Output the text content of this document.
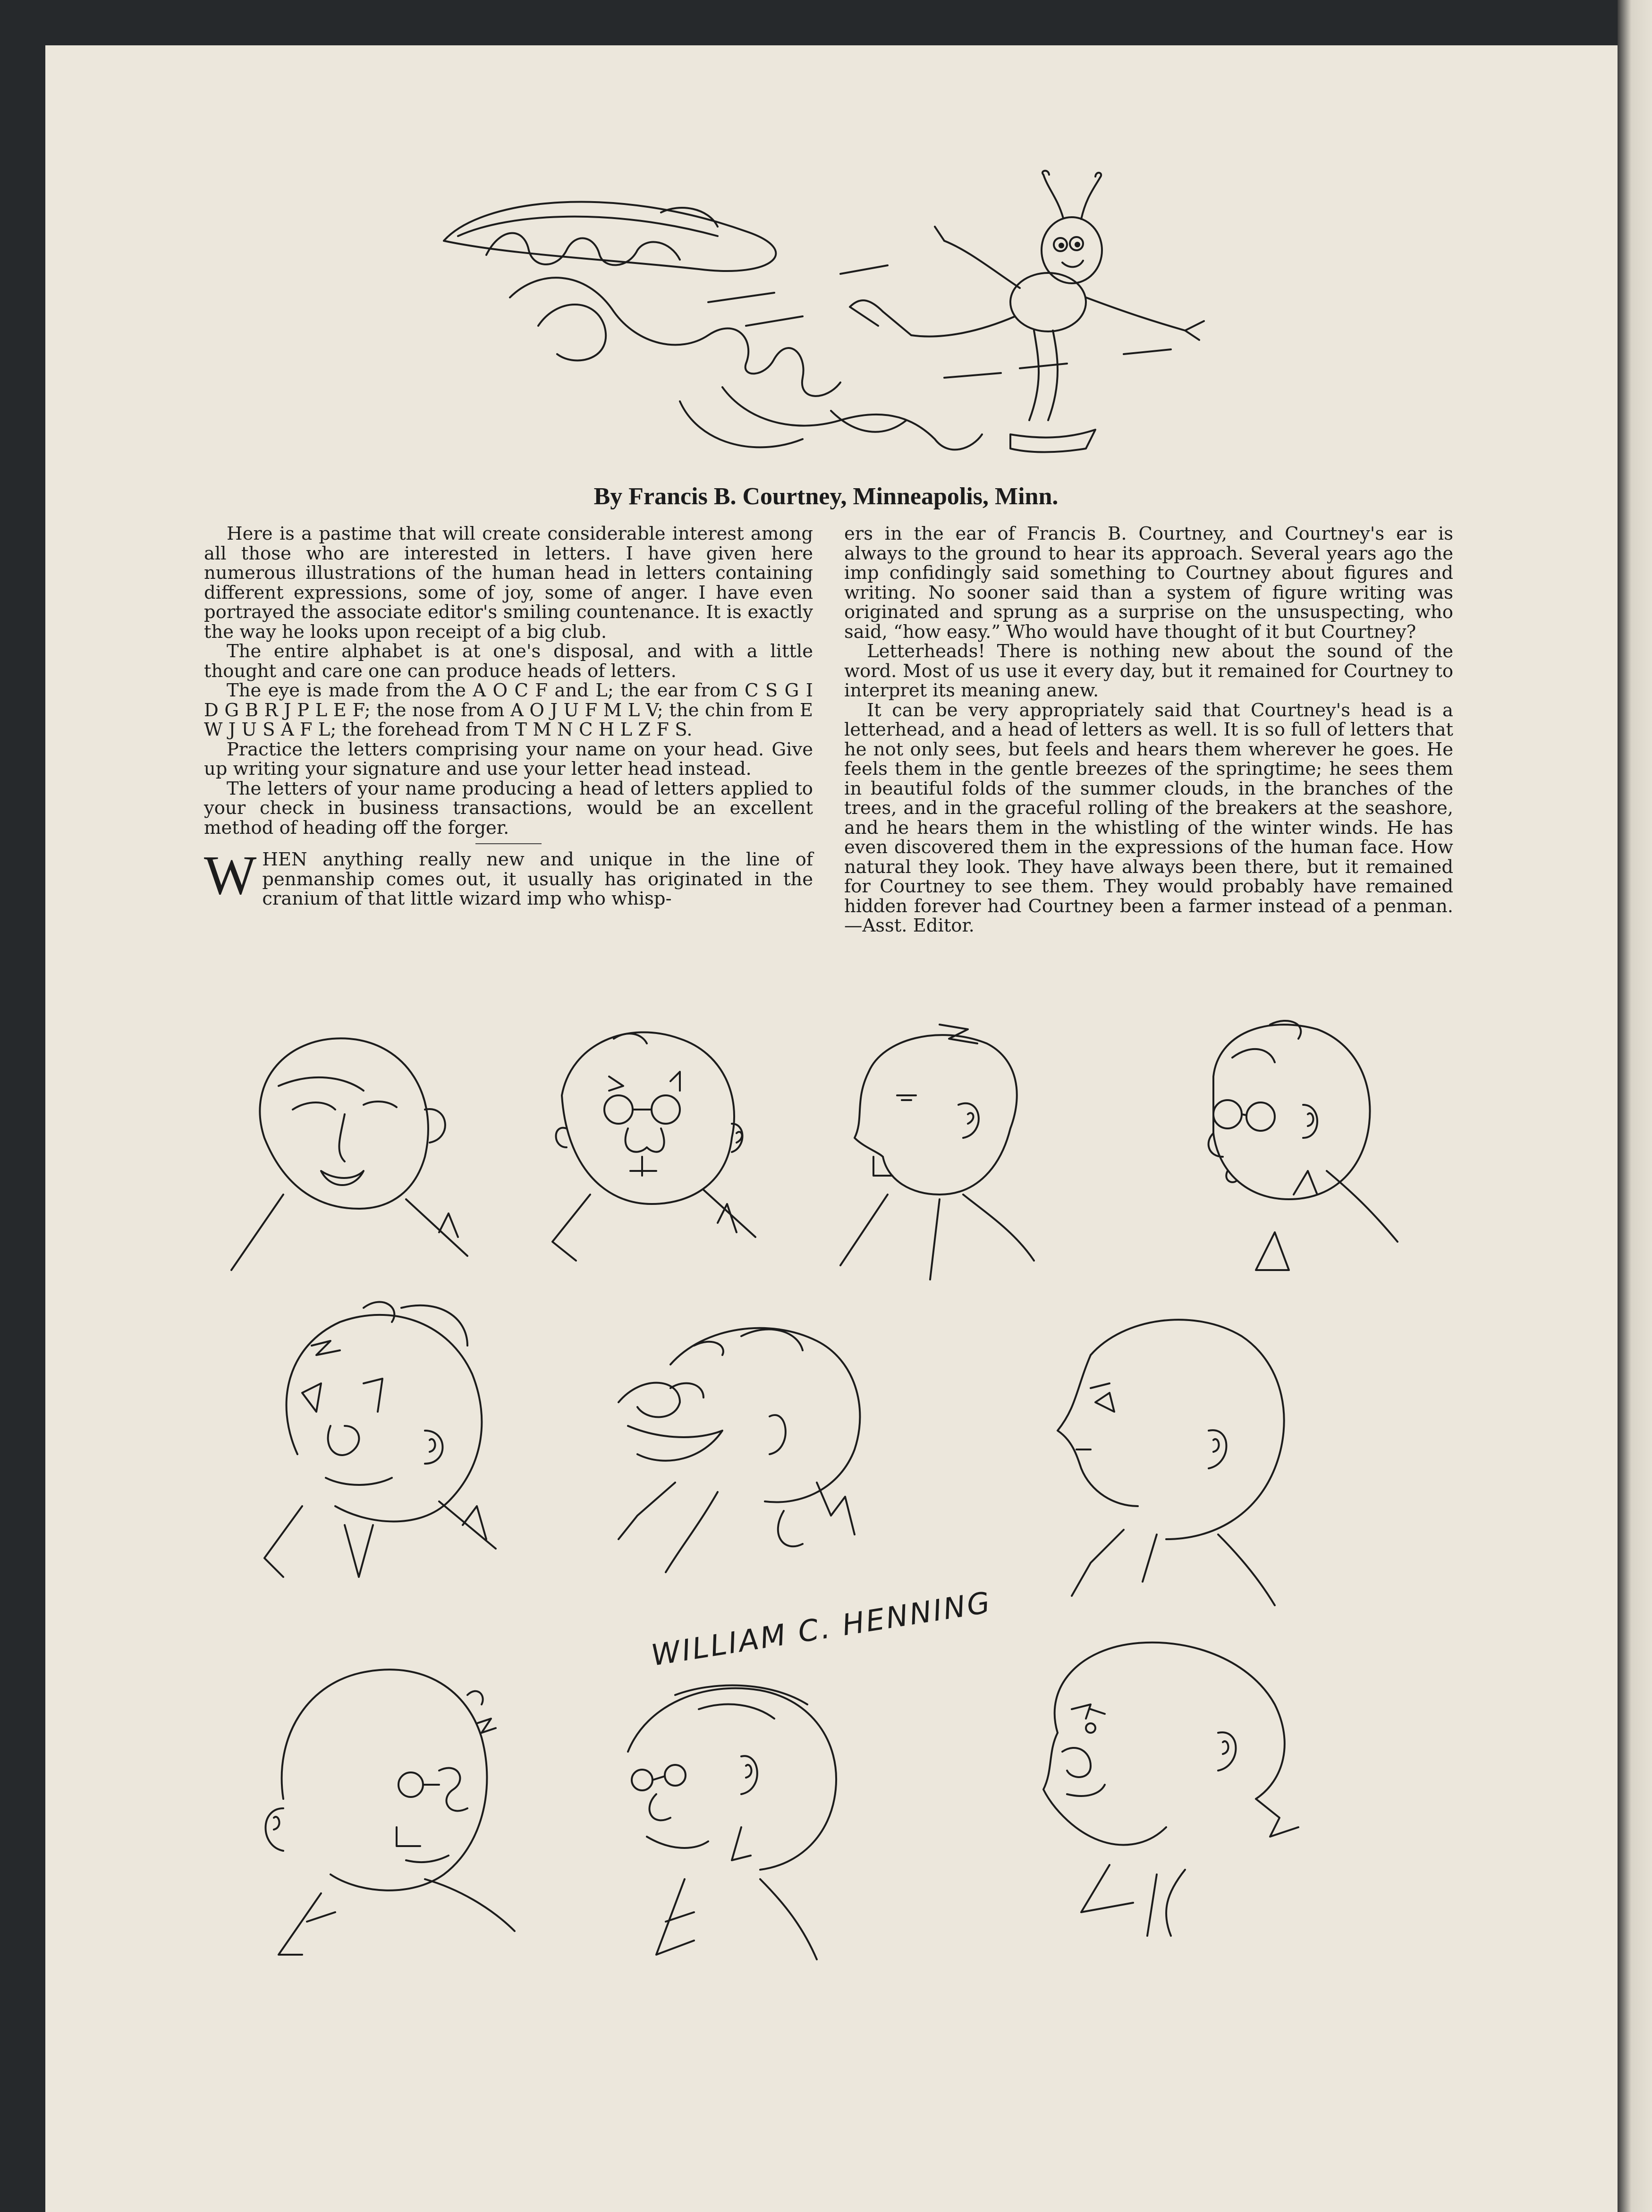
By Francis B. Courtney, Minneapolis, Minn.

Here is a pastime that will create considerable interest among all those who are interested in letters. I have given here numerous illustrations of the human head in letters containing different expressions, some of joy, some of anger. I have even portrayed the associate editor's smiling countenance. It is exactly the way he looks upon receipt of a big club.

The entire alphabet is at one's disposal, and with a little thought and care one can produce heads of letters.

The eye is made from the A O C F and L; the ear from C S G I D G B R J P L E F; the nose from A O J U F M L V; the chin from E W J U S A F L; the forehead from T M N C H L Z F S.

Practice the letters comprising your name on your head. Give up writing your signature and use your letter head instead.

The letters of your name producing a head of letters applied to your check in business transactions, would be an excellent method of heading off the forger.

WHEN anything really new and unique in the line of penmanship comes out, it usually has originated in the cranium of that little wizard imp who whisp-

ers in the ear of Francis B. Courtney, and Courtney's ear is always to the ground to hear its approach. Several years ago the imp confidingly said something to Courtney about figures and writing. No sooner said than a system of figure writing was originated and sprung as a surprise on the unsuspecting, who said, “how easy.” Who would have thought of it but Courtney?

Letterheads! There is nothing new about the sound of the word. Most of us use it every day, but it remained for Courtney to interpret its meaning anew.

It can be very appropriately said that Courtney's head is a letterhead, and a head of letters as well. It is so full of letters that he not only sees, but feels and hears them wherever he goes. He feels them in the gentle breezes of the springtime; he sees them in beautiful folds of the summer clouds, in the branches of the trees, and in the graceful rolling of the breakers at the seashore, and he hears them in the whistling of the winter winds. He has even discovered them in the expressions of the human face. How natural they look. They have always been there, but it remained for Courtney to see them. They would probably have remained hidden forever had Courtney been a farmer instead of a penman.—Asst. Editor.

WILLIAM C. HENNING
